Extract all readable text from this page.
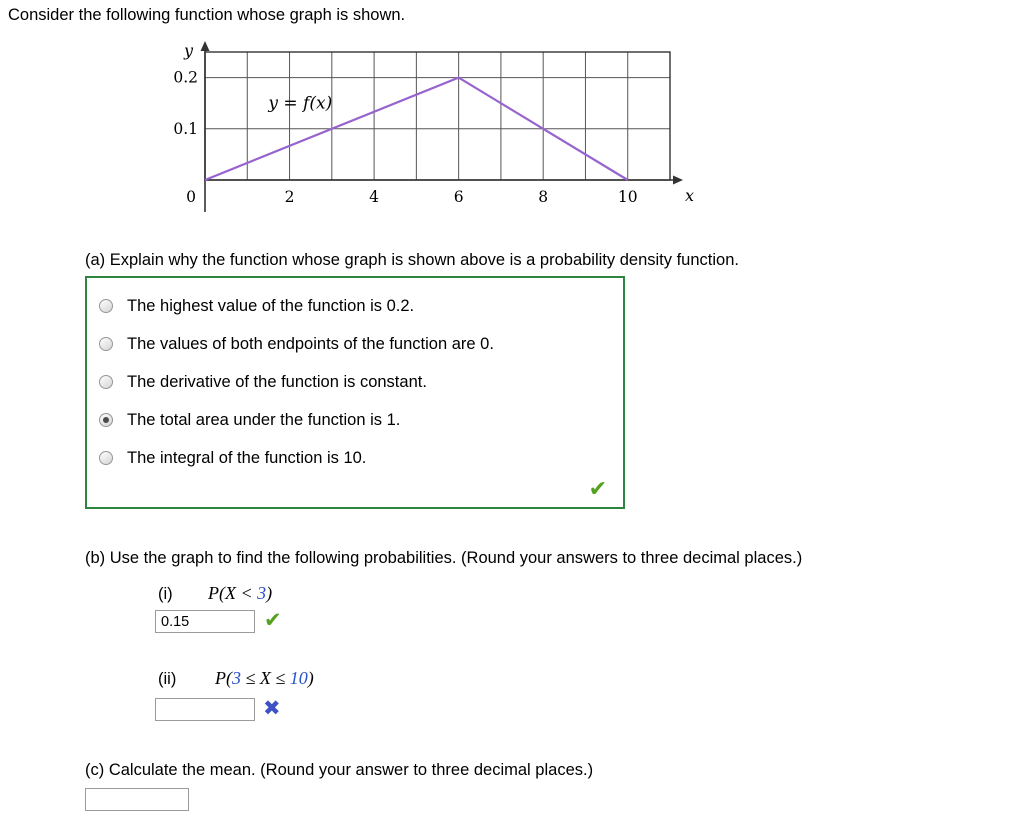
Consider the following function whose graph is shown.
2	4	6	8	10
0.1
0.2
0
y
x
y = f(x)
(a) Explain why the function whose graph is shown above is a probability density function.
The highest value of the function is 0.2.
The values of both endpoints of the function are 0.
The derivative of the function is constant.
The total area under the function is 1.
The integral of the function is 10.
✔
(b) Use the graph to find the following probabilities. (Round your answers to three decimal places.)
(i)	P(X < 3)
0.15
✔
(ii)	P(3 ≤ X ≤ 10)
✖
(c) Calculate the mean. (Round your answer to three decimal places.)
